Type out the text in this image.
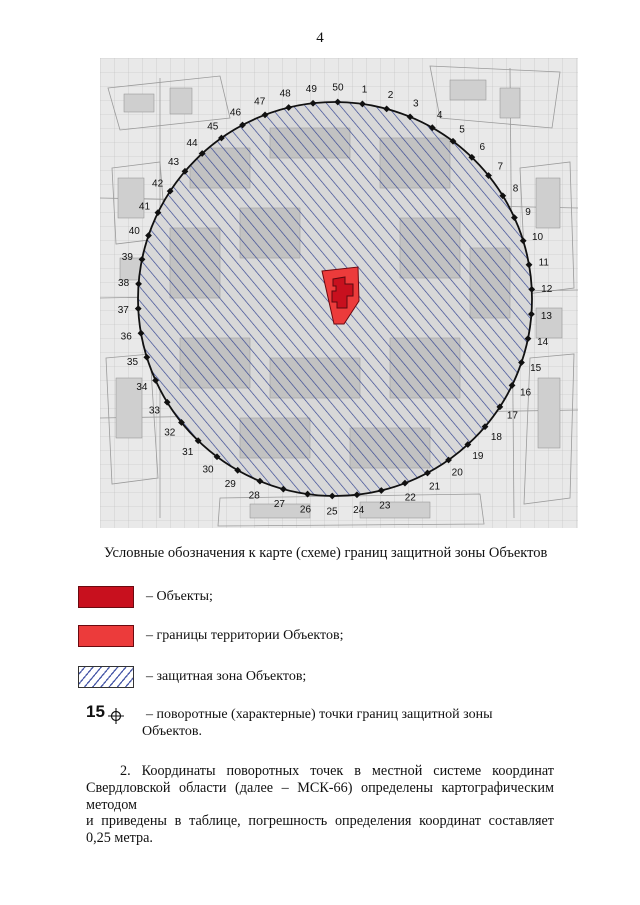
4
1 2
3
4
5
6
7
8
9
10
11
12
13
14
15
16
17
18
19
20
21
22
23
24
25
26
27
28
29
30
31
32
33
34
35
36
37
38
39
40
41
42
43
44
45
46
47
48 49 50
Условные обозначения к карте (схеме) границ защитной зоны Объектов
– Объекты;
– границы территории Объектов;
– защитная зона Объектов;
15	– поворотные (характерные) точки границ защитной зоны
Объектов.
2. Координаты поворотных точек в местной системе координат
Свердловской области (далее – МСК-66) определены картографическим методом
и приведены в таблице, погрешность определения координат составляет
0,25 метра.
